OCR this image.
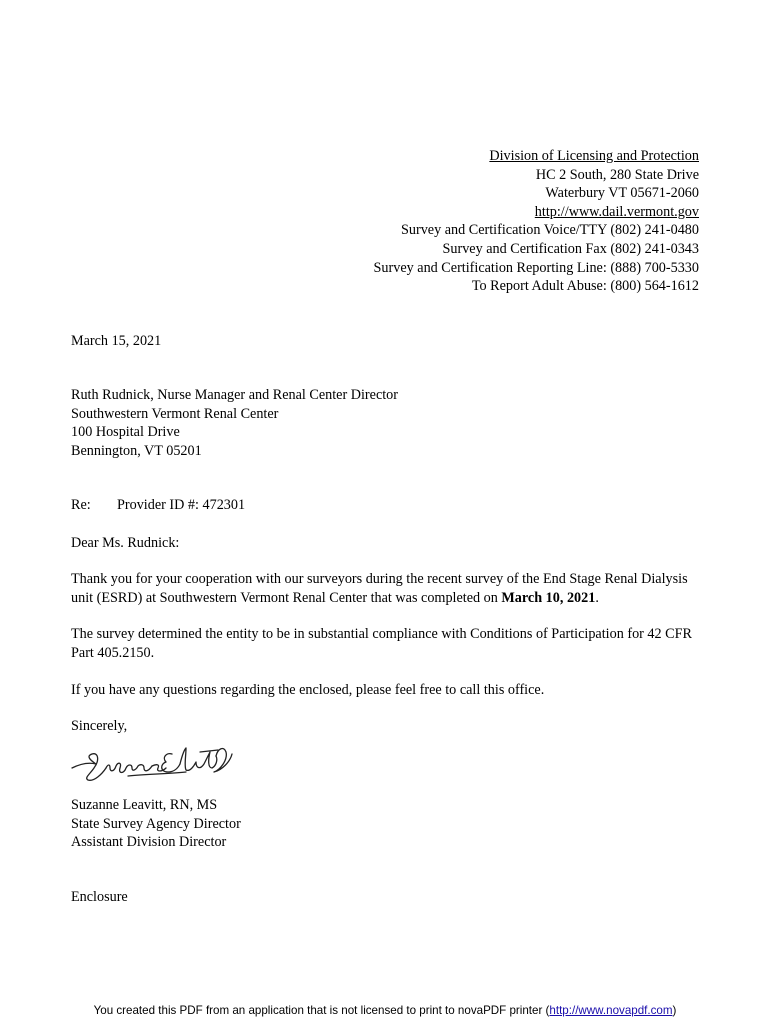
Division of Licensing and Protection
HC 2 South, 280 State Drive
Waterbury VT 05671-2060
http://www.dail.vermont.gov
Survey and Certification Voice/TTY (802) 241-0480
Survey and Certification Fax (802) 241-0343
Survey and Certification Reporting Line: (888) 700-5330
To Report Adult Abuse: (800) 564-1612
March 15, 2021
Ruth Rudnick, Nurse Manager and Renal Center Director
Southwestern Vermont Renal Center
100 Hospital Drive
Bennington, VT 05201
Re: Provider ID #: 472301
Dear Ms. Rudnick:
Thank you for your cooperation with our surveyors during the recent survey of the End Stage Renal Dialysis unit (ESRD) at Southwestern Vermont Renal Center that was completed on March 10, 2021.
The survey determined the entity to be in substantial compliance with Conditions of Participation for 42 CFR Part 405.2150.
If you have any questions regarding the enclosed, please feel free to call this office.
Sincerely,
Suzanne Leavitt, RN, MS
State Survey Agency Director
Assistant Division Director
Enclosure
You created this PDF from an application that is not licensed to print to novaPDF printer (http://www.novapdf.com)
